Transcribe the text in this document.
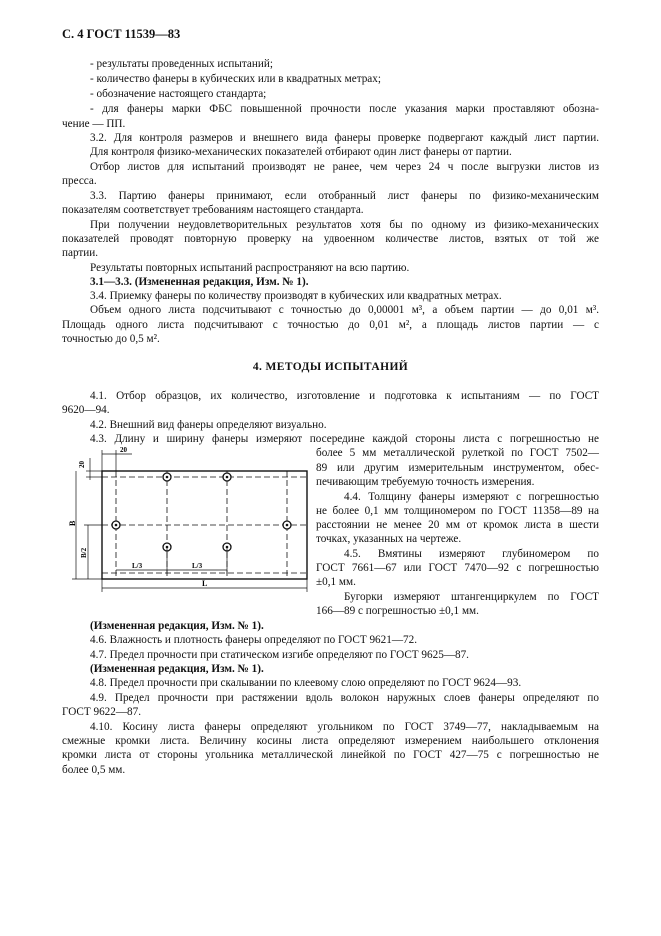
С. 4 ГОСТ 11539—83
- результаты проведенных испытаний;
- количество фанеры в кубических или в квадратных метрах;
- обозначение настоящего стандарта;
- для фанеры марки ФБС повышенной прочности после указания марки проставляют обозна-
чение — ПП.
3.2. Для контроля размеров и внешнего вида фанеры проверке подвергают каждый лист партии.
Для контроля физико-механических показателей отбирают один лист фанеры от партии.
Отбор листов для испытаний производят не ранее, чем через 24 ч после выгрузки листов из
пресса.
3.3. Партию фанеры принимают, если отобранный лист фанеры по физико-механическим
показателям соответствует требованиям настоящего стандарта.
При получении неудовлетворительных результатов хотя бы по одному из физико-механических
показателей проводят повторную проверку на удвоенном количестве листов, взятых от той же
партии.
Результаты повторных испытаний распространяют на всю партию.
3.1—3.3. (Измененная редакция, Изм. № 1).
3.4. Приемку фанеры по количеству производят в кубических или квадратных метрах.
Объем одного листа подсчитывают с точностью до 0,00001 м³, а объем партии — до 0,01 м³.
Площадь одного листа подсчитывают с точностью до 0,01 м², а площадь листов партии — с
точностью до 0,5 м².
4. МЕТОДЫ ИСПЫТАНИЙ
4.1. Отбор образцов, их количество, изготовление и подготовка к испытаниям — по ГОСТ
9620—94.
4.2. Внешний вид фанеры определяют визуально.
4.3. Длину и ширину фанеры измеряют посередине каждой стороны листа с погрешностью не
более 5 мм металлической рулеткой по ГОСТ 7502—
89 или другим измерительным инструментом, обес-
печивающим требуемую точность измерения.
4.4. Толщину фанеры измеряют с погрешностью
не более 0,1 мм толщиномером по ГОСТ 11358—89 на
расстоянии не менее 20 мм от кромок листа в шести
точках, указанных на чертеже.
4.5. Вмятины измеряют глубиномером по
ГОСТ 7661—67 или ГОСТ 7470—92 с погрешностью
±0,1 мм.
Бугорки измеряют штангенциркулем по ГОСТ
166—89 с погрешностью ±0,1 мм.
(Измененная редакция, Изм. № 1).
4.6. Влажность и плотность фанеры определяют по ГОСТ 9621—72.
4.7. Предел прочности при статическом изгибе определяют по ГОСТ 9625—87.
(Измененная редакция, Изм. № 1).
4.8. Предел прочности при скалывании по клеевому слою определяют по ГОСТ 9624—93.
4.9. Предел прочности при растяжении вдоль волокон наружных слоев фанеры определяют по
ГОСТ 9622—87.
4.10. Косину листа фанеры определяют угольником по ГОСТ 3749—77, накладываемым на
смежные кромки листа. Величину косины листа определяют измерением наибольшего отклонения
кромки листа от стороны угольника металлической линейкой по ГОСТ 427—75 с погрешностью не
более 0,5 мм.
20
20
B
B/2
L/3	L/3
L
